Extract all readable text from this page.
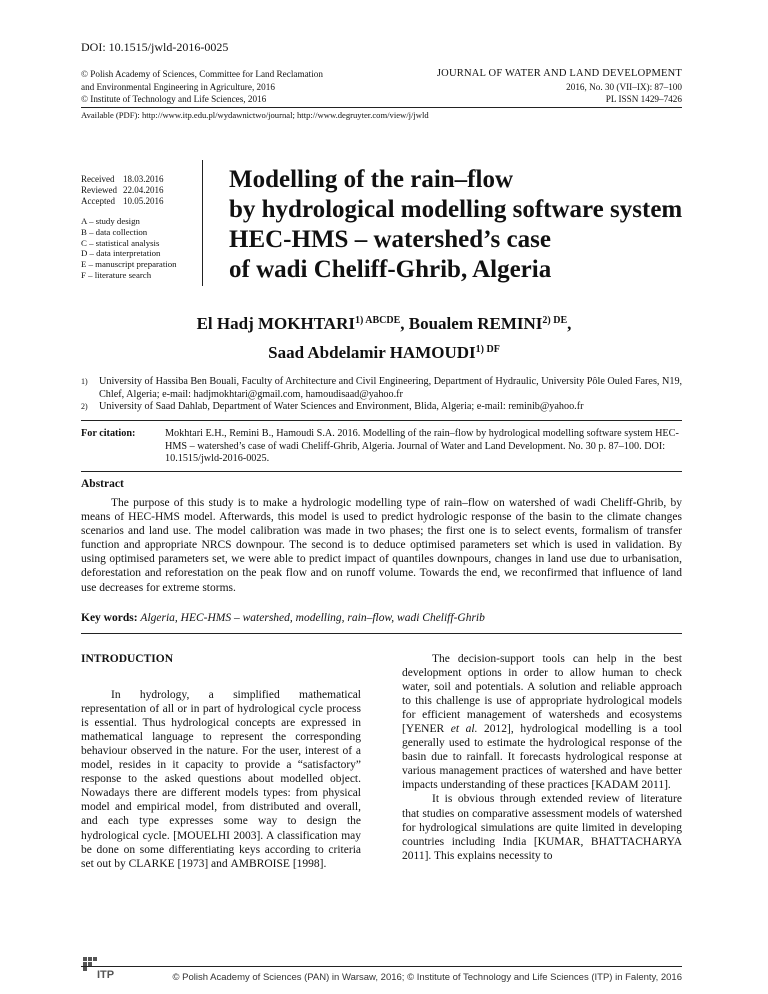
DOI: 10.1515/jwld-2016-0025
© Polish Academy of Sciences, Committee for Land Reclamation
and Environmental Engineering in Agriculture, 2016
© Institute of Technology and Life Sciences, 2016
JOURNAL OF WATER AND LAND DEVELOPMENT
2016, No. 30 (VII–IX): 87–100
PL ISSN 1429–7426
Available (PDF): http://www.itp.edu.pl/wydawnictwo/journal; http://www.degruyter.com/view/j/jwld
Received	18.03.2016
Reviewed	22.04.2016
Accepted	10.05.2016
A – study design
B – data collection
C – statistical analysis
D – data interpretation
E – manuscript preparation
F – literature search
Modelling of the rain–flow
by hydrological modelling software system
HEC-HMS – watershed’s case
of wadi Cheliff-Ghrib, Algeria
El Hadj $MOKHTARI^{1) ABCDE}$, Boualem $REMINI^{2) DE}$,
Saad Abdelamir $HAMOUDI^{1) DF}$
1)	University of Hassiba Ben Bouali, Faculty of Architecture and Civil Engineering, Department of Hydraulic, University Pôle Ouled Fares, N19, Chlef, Algeria; e-mail: hadjmokhtari@gmail.com, hamoudisaad@yahoo.fr
2)	University of Saad Dahlab, Department of Water Sciences and Environment, Blida, Algeria; e-mail: reminib@yahoo.fr
For citation:	Mokhtari E.H., Remini B., Hamoudi S.A. 2016. Modelling of the rain–flow by hydrological modelling software system HEC-HMS – watershed’s case of wadi Cheliff-Ghrib, Algeria. Journal of Water and Land Development. No. 30 p. 87–100. DOI: 10.1515/jwld-2016-0025.
Abstract
The purpose of this study is to make a hydrologic modelling type of rain–flow on watershed of wadi Cheliff-Ghrib, by means of HEC-HMS model. Afterwards, this model is used to predict hydrologic response of the basin to the climate changes scenarios and land use. The model calibration was made in two phases; the first one is to select events, formalism of transfer function and appropriate NRCS downpour. The second is to deduce optimised parameters set which is used in validation. By using optimised parameters set, we were able to predict impact of quantiles downpours, changes in land use due to urbanisation, deforestation and reforestation on the peak flow and on runoff volume. Towards the end, we reconfirmed that influence of land use decreases for extreme storms.
Key words: Algeria, HEC-HMS – watershed, modelling, rain–flow, wadi Cheliff-Ghrib
INTRODUCTION

In hydrology, a simplified mathematical representation of all or in part of hydrological cycle process is essential. Thus hydrological concepts are expressed in mathematical language to represent the corresponding behaviour observed in the nature. For the user, interest of a model, resides in it capacity to provide a “satisfactory” response to the asked questions about modelled object. Nowadays there are different models types: from physical model and empirical model, from distributed and overall, and each type expresses some way to design the hydrological cycle. [MOUELHI 2003]. A classification may be done on some differentiating keys according to criteria set out by CLARKE [1973] and AMBROISE [1998].

The decision-support tools can help in the best development options in order to allow human to check water, soil and potentials. A solution and reliable approach to this challenge is use of appropriate hydrological models for efficient management of watersheds and ecosystems [YENER et al. 2012], hydrological modelling is a tool generally used to estimate the hydrological response of the basin due to rainfall. It forecasts hydrological response at various management practices of watershed and have better impacts understanding of these practices [KADAM 2011].

It is obvious through extended review of literature that studies on comparative assessment models of watershed for hydrological simulations are quite limited in developing countries including India [KUMAR, BHATTACHARYA 2011]. This explains necessity to

ITP	© Polish Academy of Sciences (PAN) in Warsaw, 2016; © Institute of Technology and Life Sciences (ITP) in Falenty, 2016
